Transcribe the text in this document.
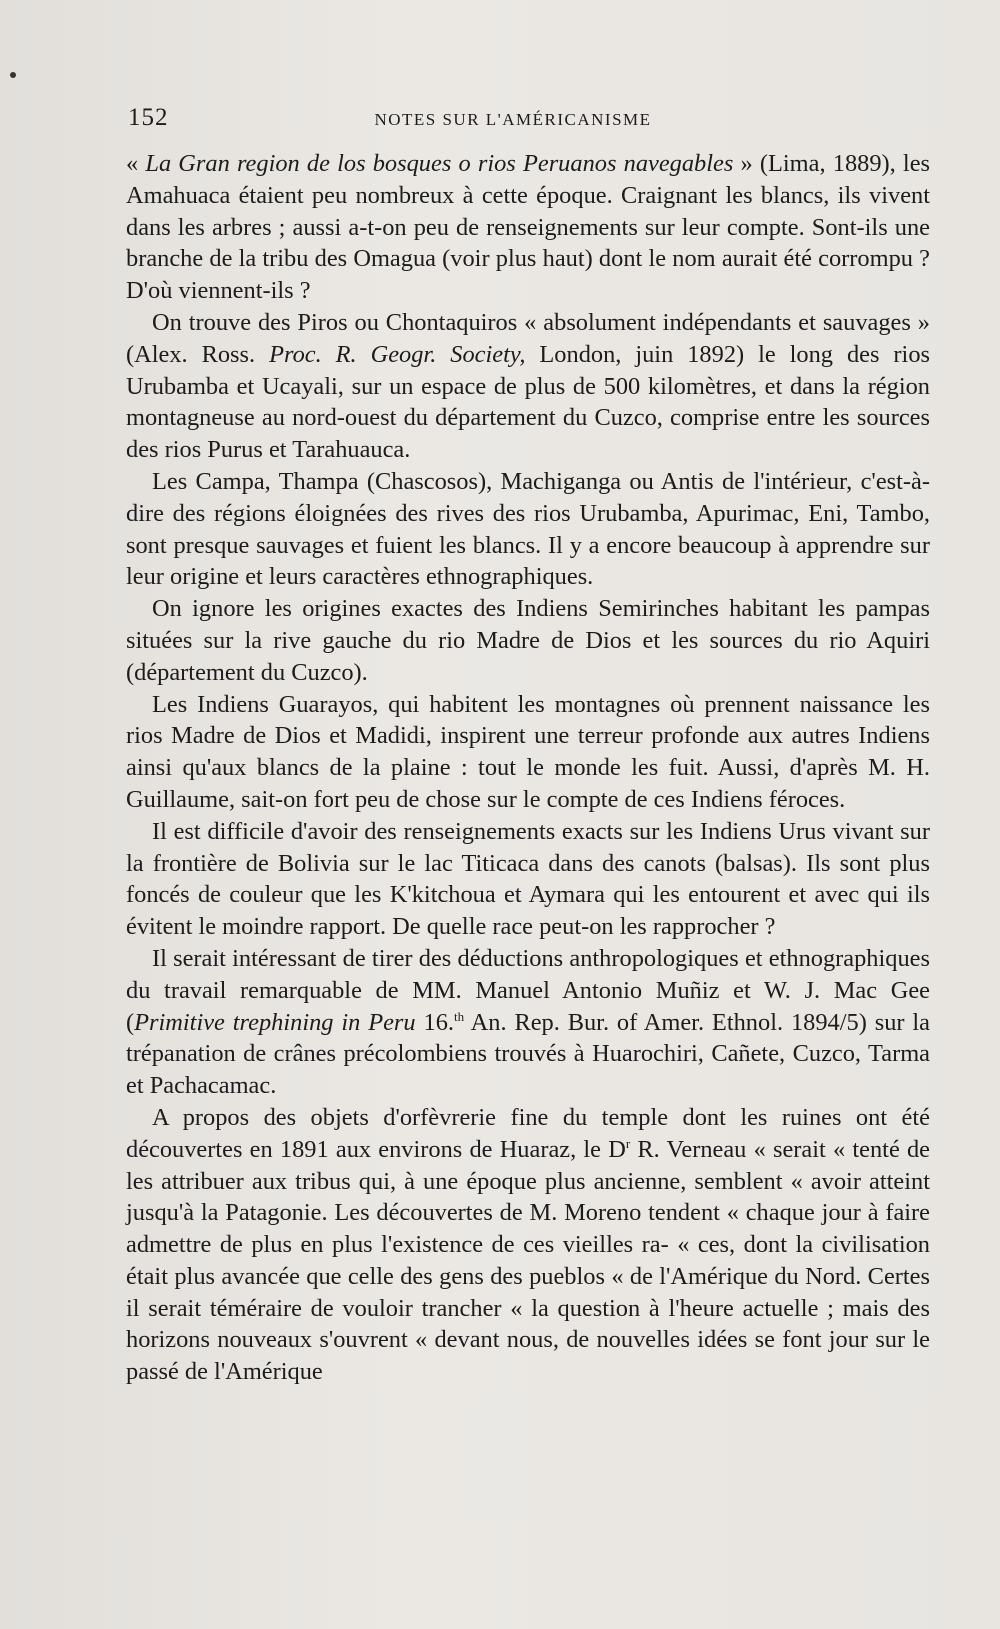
152	NOTES SUR L'AMÉRICANISME

« La Gran region de los bosques o rios Peruanos navegables » (Lima, 1889), les Amahuaca étaient peu nombreux à cette époque. Craignant les blancs, ils vivent dans les arbres ; aussi a-t-on peu de renseignements sur leur compte. Sont-ils une branche de la tribu des Omagua (voir plus haut) dont le nom aurait été corrompu ? D'où viennent-ils ?

On trouve des Piros ou Chontaquiros « absolument indépendants et sauvages » (Alex. Ross. Proc. R. Geogr. Society, London, juin 1892) le long des rios Urubamba et Ucayali, sur un espace de plus de 500 kilomètres, et dans la région montagneuse au nord-ouest du département du Cuzco, comprise entre les sources des rios Purus et Tarahuauca.

Les Campa, Thampa (Chascosos), Machiganga ou Antis de l'intérieur, c'est-à-dire des régions éloignées des rives des rios Urubamba, Apurimac, Eni, Tambo, sont presque sauvages et fuient les blancs. Il y a encore beaucoup à apprendre sur leur origine et leurs caractères ethnographiques.

On ignore les origines exactes des Indiens Semirinches habitant les pampas situées sur la rive gauche du rio Madre de Dios et les sources du rio Aquiri (département du Cuzco).

Les Indiens Guarayos, qui habitent les montagnes où prennent naissance les rios Madre de Dios et Madidi, inspirent une terreur profonde aux autres Indiens ainsi qu'aux blancs de la plaine : tout le monde les fuit. Aussi, d'après M. H. Guillaume, sait-on fort peu de chose sur le compte de ces Indiens féroces.

Il est difficile d'avoir des renseignements exacts sur les Indiens Urus vivant sur la frontière de Bolivia sur le lac Titicaca dans des canots (balsas). Ils sont plus foncés de couleur que les K'kitchoua et Aymara qui les entourent et avec qui ils évitent le moindre rapport. De quelle race peut-on les rapprocher ?

Il serait intéressant de tirer des déductions anthropologiques et ethnographiques du travail remarquable de MM. Manuel Antonio Muñiz et W. J. Mac Gee (Primitive trephining in Peru 16.$^{th}$ An. Rep. Bur. of Amer. Ethnol. 1894/5) sur la trépanation de crânes précolombiens trouvés à Huarochiri, Cañete, Cuzco, Tarma et Pachacamac.

A propos des objets d'orfèvrerie fine du temple dont les ruines ont été découvertes en 1891 aux environs de Huaraz, le $D^r$ R. Verneau « serait « tenté de les attribuer aux tribus qui, à une époque plus ancienne, semblent « avoir atteint jusqu'à la Patagonie. Les découvertes de M. Moreno tendent « chaque jour à faire admettre de plus en plus l'existence de ces vieilles ra- « ces, dont la civilisation était plus avancée que celle des gens des pueblos « de l'Amérique du Nord. Certes il serait téméraire de vouloir trancher « la question à l'heure actuelle ; mais des horizons nouveaux s'ouvrent « devant nous, de nouvelles idées se font jour sur le passé de l'Amérique
